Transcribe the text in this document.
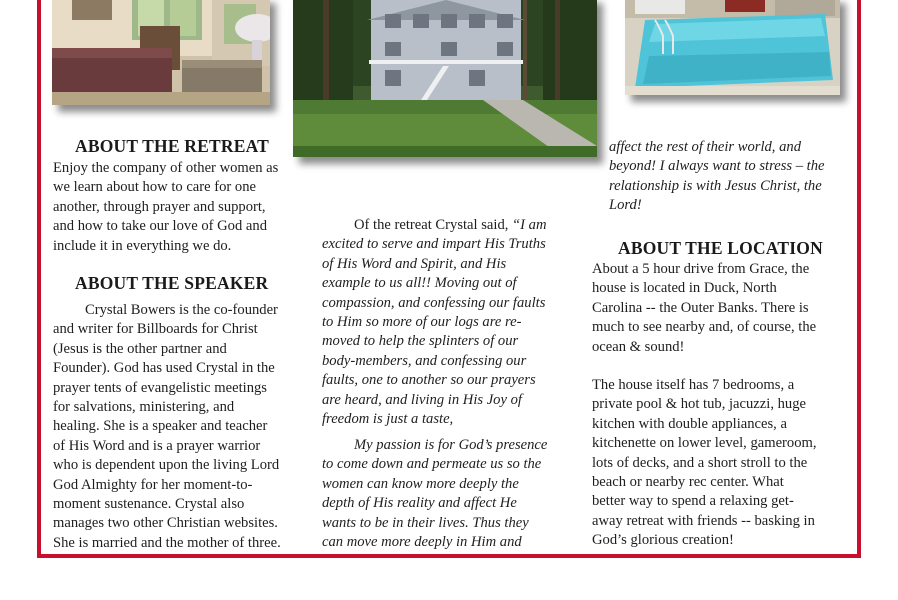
ABOUT THE RETREAT
Enjoy the company of other women as
we learn about how to care for one
another, through prayer and support,
and how to take our love of God and
include it in everything we do.
ABOUT THE SPEAKER
Crystal Bowers is the co-founder
and writer for Billboards for Christ
(Jesus is the other partner and
Founder). God has used Crystal in the
prayer tents of evangelistic meetings
for salvations, ministering, and
healing. She is a speaker and teacher
of His Word and is a prayer warrior
who is dependent upon the living Lord
God Almighty for her moment-to-
moment sustenance. Crystal also
manages two other Christian websites.
She is married and the mother of three.
Of the retreat Crystal said, “I am
excited to serve and impart His Truths
of His Word and Spirit, and His
example to us all!! Moving out of
compassion, and confessing our faults
to Him so more of our logs are re-
moved to help the splinters of our
body-members, and confessing our
faults, one to another so our prayers
are heard, and living in His Joy of
freedom is just a taste,
My passion is for God’s presence
to come down and permeate us so the
women can know more deeply the
depth of His reality and affect He
wants to be in their lives. Thus they
can move more deeply in Him and
affect the rest of their world, and
beyond! I always want to stress – the
relationship is with Jesus Christ, the
Lord!
ABOUT THE LOCATION
About a 5 hour drive from Grace, the
house is located in Duck, North
Carolina -- the Outer Banks. There is
much to see nearby and, of course, the
ocean & sound!
The house itself has 7 bedrooms, a
private pool & hot tub, jacuzzi, huge
kitchen with double appliances, a
kitchenette on lower level, gameroom,
lots of decks, and a short stroll to the
beach or nearby rec center. What
better way to spend a relaxing get-
away retreat with friends -- basking in
God’s glorious creation!
